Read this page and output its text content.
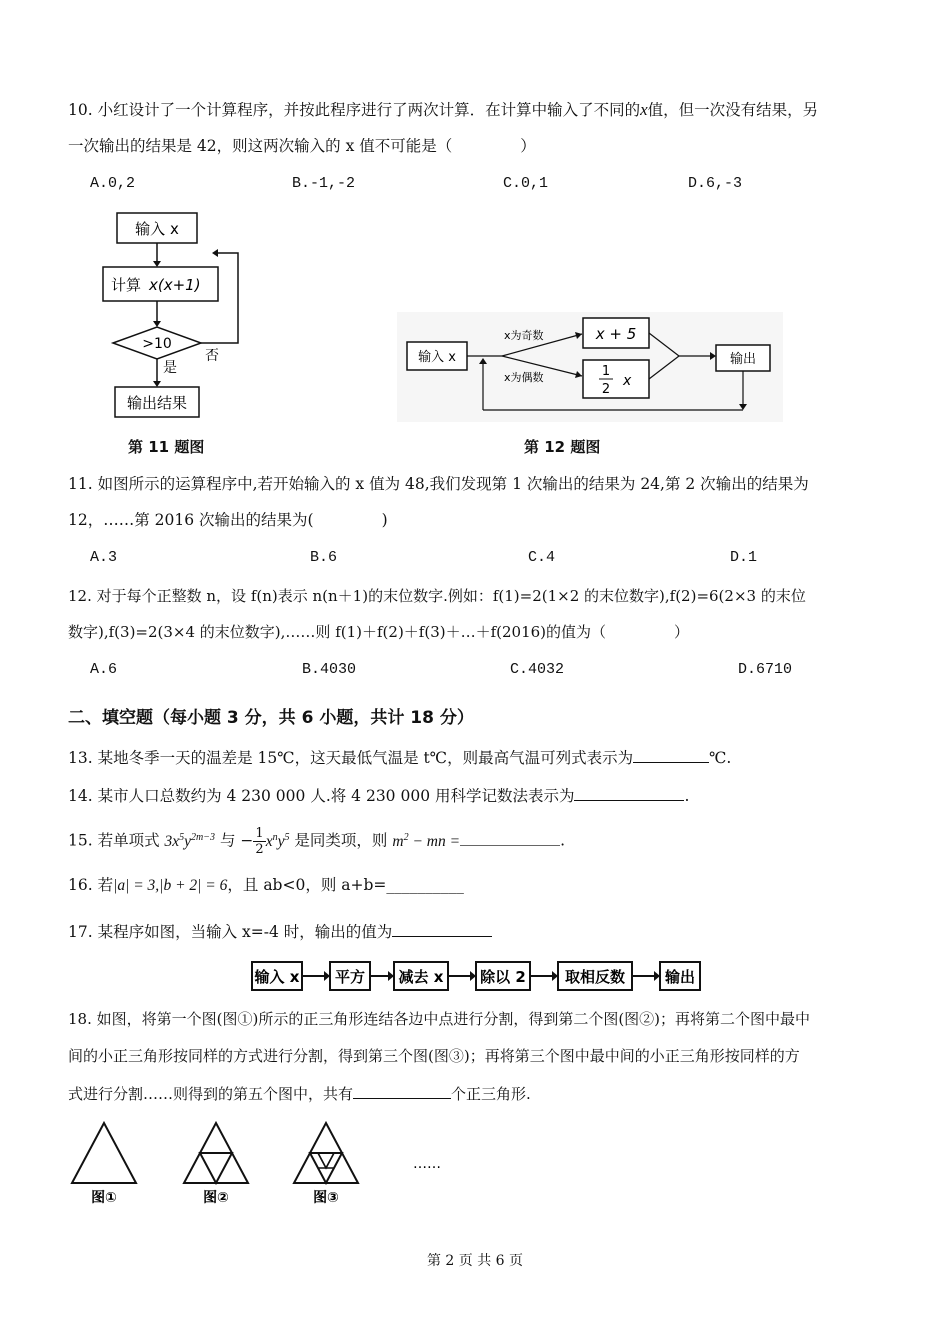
10. 小红设计了一个计算程序，并按此程序进行了两次计算．在计算中输入了不同的x值，但一次没有结果，另
一次输出的结果是 42，则这两次输入的 x 值不可能是（	）
A.0,2	B.-1,-2	C.0,1	D.6,-3
输入 x
计算 x(x+1)
>10
否
是
输出结果
第 11 题图
输入 x
x为奇数
x为偶数
x + 5
1
2
x
输出
第 12 题图
11. 如图所示的运算程序中,若开始输入的 x 值为 48,我们发现第 1 次输出的结果为 24,第 2 次输出的结果为
12，……第 2016 次输出的结果为(	)
A.3	B.6	C.4	D.1
12. 对于每个正整数 n，设 f(n)表示 n(n＋1)的末位数字.例如：f(1)=2(1×2 的末位数字),f(2)=6(2×3 的末位
数字),f(3)=2(3×4 的末位数字),……则 f(1)＋f(2)＋f(3)＋…＋f(2016)的值为（	）
A.6	B.4030	C.4032	D.6710
二、填空题（每小题 3 分，共 6 小题，共计 18 分）
13. 某地冬季一天的温差是 15℃，这天最低气温是 t℃，则最高气温可列式表示为	℃.
14. 某市人口总数约为 4 230 000 人.将 4 230 000 用科学记数法表示为	.
15. 若单项式 $3x^5y^{2m-3}$ 与 − $\frac{1}{2} x^ny^5$ 是同类项，则 $m^2$ − mn =	.
16. 若|a| = 3,|b + 2| = 6，且 ab<0，则 a+b=__________
17. 某程序如图，当输入 x=-4 时，输出的值为
输入 x 平方 减去 x 除以 2	取相反数	输出
18. 如图，将第一个图(图①)所示的正三角形连结各边中点进行分割，得到第二个图(图②)；再将第二个图中最中
间的小正三角形按同样的方式进行分割，得到第三个图(图③)；再将第三个图中最中间的小正三角形按同样的方
式进行分割……则得到的第五个图中，共有	个正三角形.
图①	图②	图③
……
第 2 页 共 6 页
